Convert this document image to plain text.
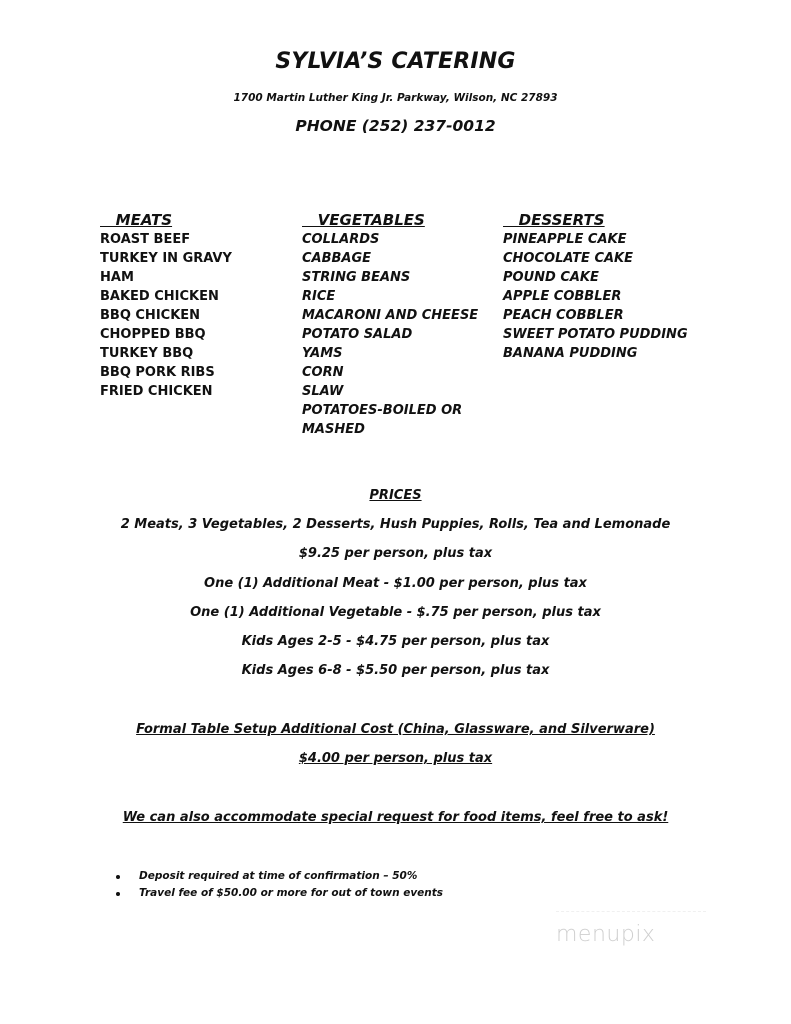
SYLVIA’S CATERING
1700 Martin Luther King Jr. Parkway, Wilson, NC 27893
PHONE (252) 237-0012
MEATS
ROAST BEEF
TURKEY IN GRAVY
HAM
BAKED CHICKEN
BBQ CHICKEN
CHOPPED BBQ
TURKEY BBQ
BBQ PORK RIBS
FRIED CHICKEN
VEGETABLES
COLLARDS
CABBAGE
STRING BEANS
RICE
MACARONI AND CHEESE
POTATO SALAD
YAMS
CORN
SLAW
POTATOES-BOILED OR
MASHED
DESSERTS
PINEAPPLE CAKE
CHOCOLATE CAKE
POUND CAKE
APPLE COBBLER
PEACH COBBLER
SWEET POTATO PUDDING
BANANA PUDDING
PRICES
2 Meats, 3 Vegetables, 2 Desserts, Hush Puppies, Rolls, Tea and Lemonade
$9.25 per person, plus tax
One (1) Additional Meat - $1.00 per person, plus tax
One (1) Additional Vegetable - $.75 per person, plus tax
Kids Ages 2-5 - $4.75 per person, plus tax
Kids Ages 6-8 - $5.50 per person, plus tax
Formal Table Setup Additional Cost (China, Glassware, and Silverware)
$4.00 per person, plus tax
We can also accommodate special request for food items, feel free to ask!
Deposit required at time of confirmation – 50%
Travel fee of $50.00 or more for out of town events
menupix
